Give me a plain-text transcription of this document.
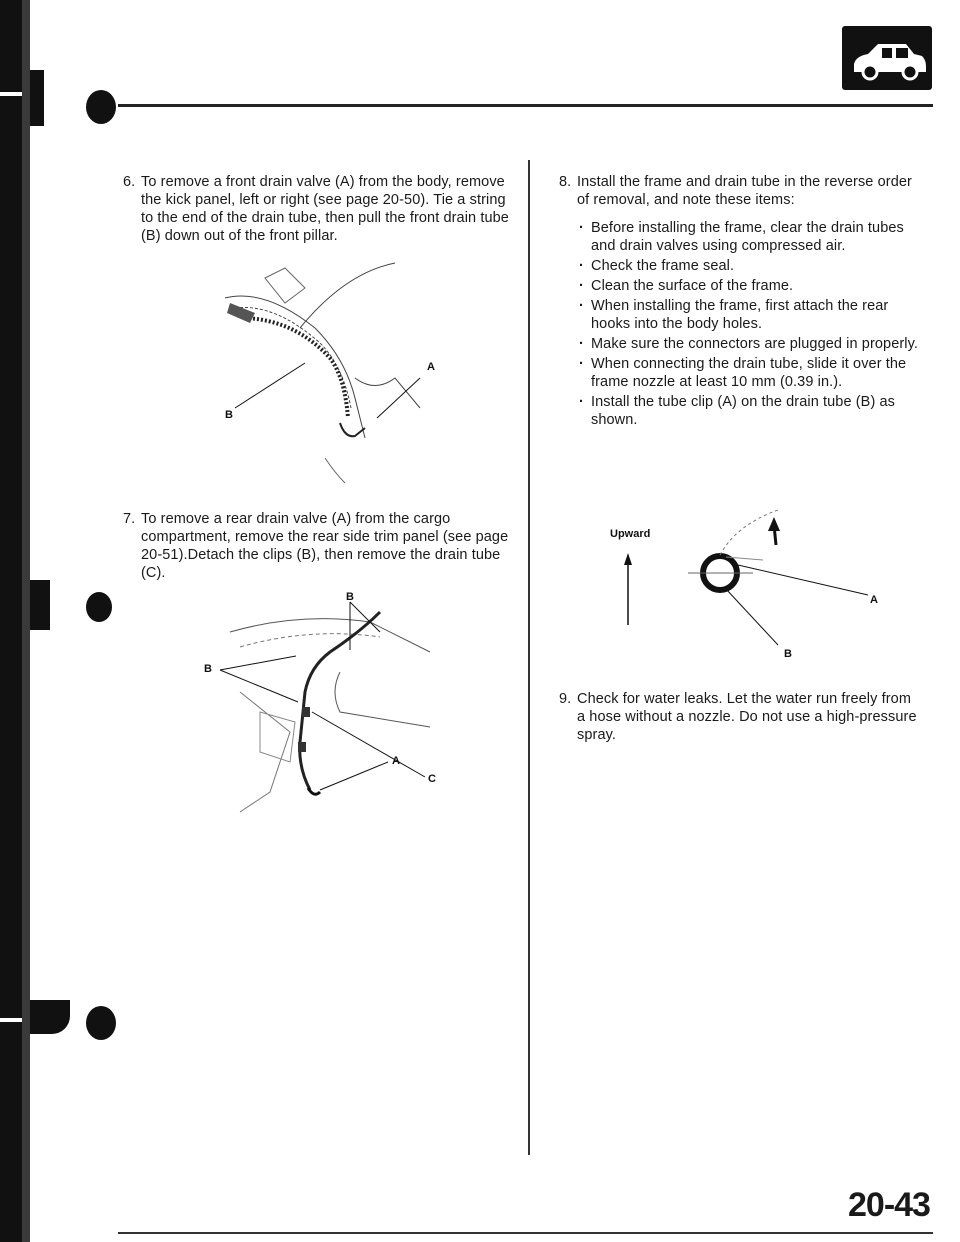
6. To remove a front drain valve (A) from the body, remove the kick panel, left or right (see page 20-50). Tie a string to the end of the drain tube, then pull the front drain tube (B) down out of the front pillar.
A
B
7. To remove a rear drain valve (A) from the cargo compartment, remove the rear side trim panel (see page 20-51).Detach the clips (B), then remove the drain tube (C).
B
B
C
A
8. Install the frame and drain tube in the reverse order of removal, and note these items:
· Before installing the frame, clear the drain tubes and drain valves using compressed air.
· Check the frame seal.
· Clean the surface of the frame.
· When installing the frame, first attach the rear hooks into the body holes.
· Make sure the connectors are plugged in properly.
· When connecting the drain tube, slide it over the frame nozzle at least 10 mm (0.39 in.).
· Install the tube clip (A) on the drain tube (B) as shown.
Upward
A
B
9. Check for water leaks. Let the water run freely from a hose without a nozzle. Do not use a high-pressure spray.
20-43
